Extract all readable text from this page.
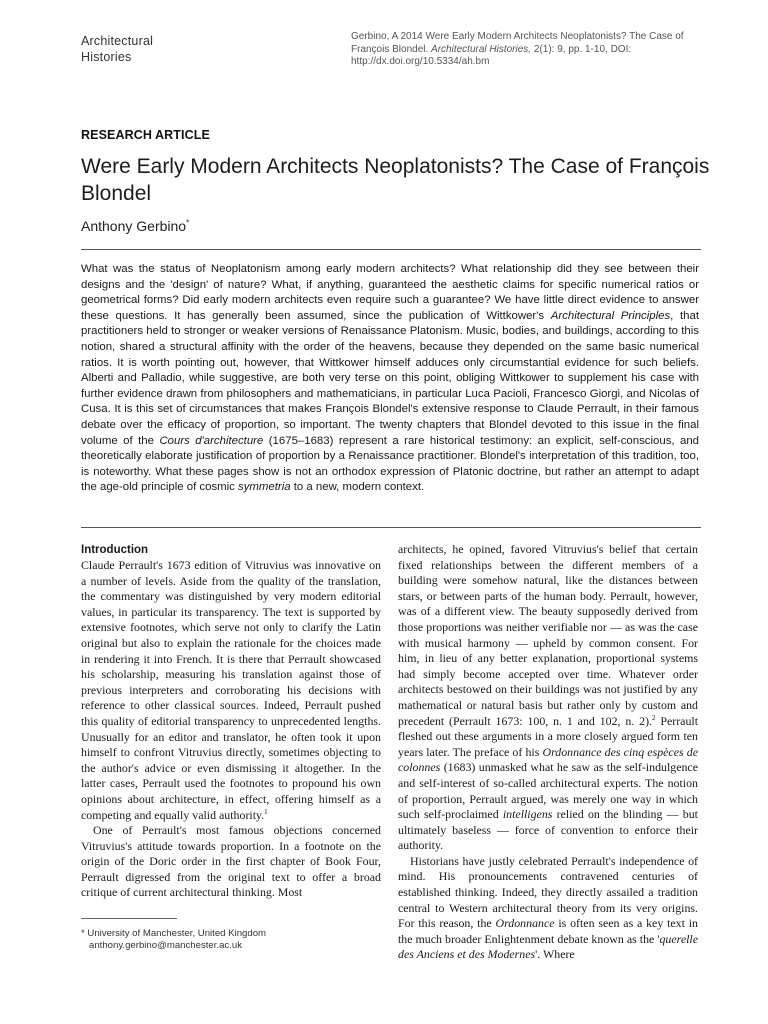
Architectural
Histories
Gerbino, A 2014 Were Early Modern Architects Neoplatonists? The Case of François Blondel. Architectural Histories, 2(1): 9, pp. 1-10, DOI: http://dx.doi.org/10.5334/ah.bm
RESEARCH ARTICLE
Were Early Modern Architects Neoplatonists? The Case of François Blondel
Anthony Gerbino*
What was the status of Neoplatonism among early modern architects? What relationship did they see between their designs and the 'design' of nature? What, if anything, guaranteed the aesthetic claims for specific numerical ratios or geometrical forms? Did early modern architects even require such a guarantee? We have little direct evidence to answer these questions. It has generally been assumed, since the publication of Wittkower's Architectural Principles, that practitioners held to stronger or weaker versions of Renaissance Platonism. Music, bodies, and buildings, according to this notion, shared a structural affinity with the order of the heavens, because they depended on the same basic numerical ratios. It is worth pointing out, however, that Wittkower himself adduces only circumstantial evidence for such beliefs. Alberti and Palladio, while suggestive, are both very terse on this point, obliging Wittkower to supplement his case with further evidence drawn from philosophers and mathematicians, in particular Luca Pacioli, Francesco Giorgi, and Nicolas of Cusa. It is this set of circumstances that makes François Blondel's extensive response to Claude Perrault, in their famous debate over the efficacy of proportion, so important. The twenty chapters that Blondel devoted to this issue in the final volume of the Cours d'architecture (1675–1683) represent a rare historical testimony: an explicit, self-conscious, and theoretically elaborate justification of proportion by a Renaissance practitioner. Blondel's interpretation of this tradition, too, is noteworthy. What these pages show is not an orthodox expression of Platonic doctrine, but rather an attempt to adapt the age-old principle of cosmic symmetria to a new, modern context.
Introduction

Claude Perrault's 1673 edition of Vitruvius was innovative on a number of levels. Aside from the quality of the translation, the commentary was distinguished by very modern editorial values, in particular its transparency. The text is supported by extensive footnotes, which serve not only to clarify the Latin original but also to explain the rationale for the choices made in rendering it into French. It is there that Perrault showcased his scholarship, measuring his translation against those of previous interpreters and corroborating his decisions with reference to other classical sources. Indeed, Perrault pushed this quality of editorial transparency to unprecedented lengths. Unusually for an editor and translator, he often took it upon himself to confront Vitruvius directly, sometimes objecting to the author's advice or even dismissing it altogether. In the latter cases, Perrault used the footnotes to propound his own opinions about architecture, in effect, offering himself as a competing and equally valid authority.$^1$

One of Perrault's most famous objections concerned Vitruvius's attitude towards proportion. In a footnote on the origin of the Doric order in the first chapter of Book Four, Perrault digressed from the original text to offer a broad critique of current architectural thinking. Most

architects, he opined, favored Vitruvius's belief that certain fixed relationships between the different members of a building were somehow natural, like the distances between stars, or between parts of the human body. Perrault, however, was of a different view. The beauty supposedly derived from those proportions was neither verifiable nor — as was the case with musical harmony — upheld by common consent. For him, in lieu of any better explanation, proportional systems had simply become accepted over time. Whatever order architects bestowed on their buildings was not justified by any mathematical or natural basis but rather only by custom and precedent (Perrault 1673: 100, n. 1 and 102, n. 2).$^2$ Perrault fleshed out these arguments in a more closely argued form ten years later. The preface of his Ordonnance des cinq espèces de colonnes (1683) unmasked what he saw as the self-indulgence and self-interest of so-called architectural experts. The notion of proportion, Perrault argued, was merely one way in which such self-proclaimed intelligens relied on the blinding — but ultimately baseless — force of convention to enforce their authority.

Historians have justly celebrated Perrault's independence of mind. His pronouncements contravened centuries of established thinking. Indeed, they directly assailed a tradition central to Western architectural theory from its very origins. For this reason, the Ordonnance is often seen as a key text in the much broader Enlightenment debate known as the 'querelle des Anciens et des Modernes'. Where

* University of Manchester, United Kingdom
anthony.gerbino@manchester.ac.uk
